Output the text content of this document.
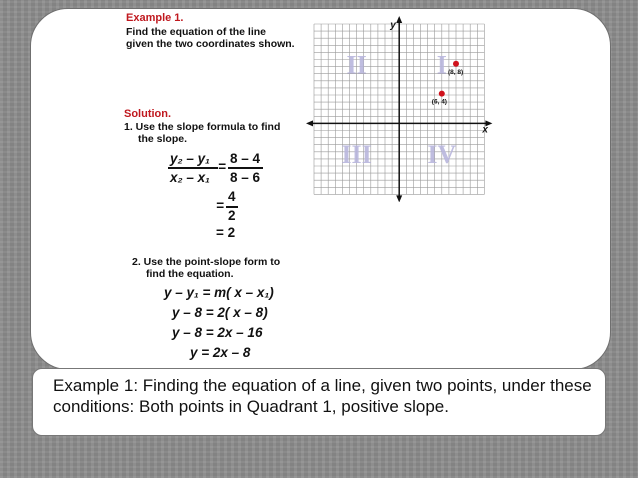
Example 1.
Find the equation of the line
given the two coordinates shown.
Solution.
1. Use the slope formula to find
the slope.
y₂ – y₁
x₂ – x₁
=
8 – 4
8 – 6
=
4
2
= 2
2. Use the point-slope form to
find the equation.
y – y₁ = m( x – x₁)
y – 8 = 2( x – 8)
y – 8 = 2x – 16
y = 2x – 8
II	I
III IV
y
x
(8, 8)
(6, 4)
Example 1: Finding the equation of a line, given two points, under these conditions: Both points in Quadrant 1, positive slope.
